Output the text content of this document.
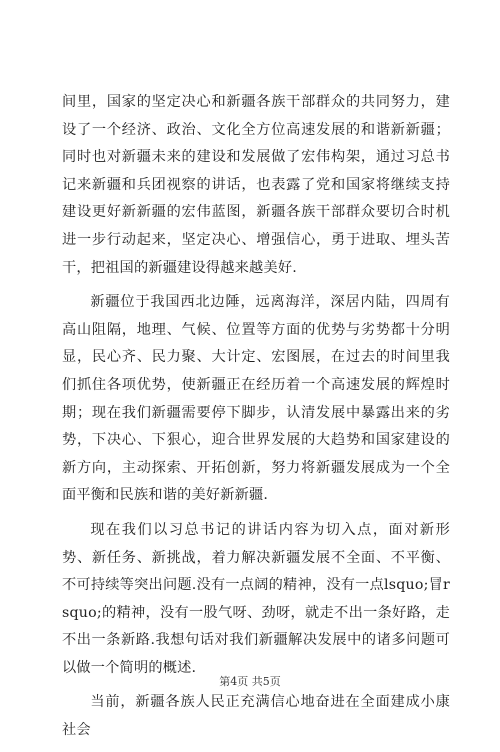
间里，国家的坚定决心和新疆各族干部群众的共同努力，建设了一个经济、政治、文化全方位高速发展的和谐新新疆；同时也对新疆未来的建设和发展做了宏伟构架，通过习总书记来新疆和兵团视察的讲话，也表露了党和国家将继续支持建设更好新新疆的宏伟蓝图，新疆各族干部群众要切合时机进一步行动起来，坚定决心、增强信心，勇于进取、埋头苦干，把祖国的新疆建设得越来越美好.

新疆位于我国西北边陲，远离海洋，深居内陆，四周有高山阻隔，地理、气候、位置等方面的优势与劣势都十分明显，民心齐、民力聚、大计定、宏图展，在过去的时间里我们抓住各项优势，使新疆正在经历着一个高速发展的辉煌时期；现在我们新疆需要停下脚步，认清发展中暴露出来的劣势，下决心、下狠心，迎合世界发展的大趋势和国家建设的新方向，主动探索、开拓创新，努力将新疆发展成为一个全面平衡和民族和谐的美好新新疆.

现在我们以习总书记的讲话内容为切入点，面对新形势、新任务、新挑战，着力解决新疆发展不全面、不平衡、不可持续等突出问题.没有一点阔的精神，没有一点lsquo;冒rsquo;的精神，没有一股气呀、劲呀，就走不出一条好路，走不出一条新路.我想句话对我们新疆解决发展中的诸多问题可以做一个简明的概述.

当前，新疆各族人民正充满信心地奋进在全面建成小康社会

第4页 共5页
